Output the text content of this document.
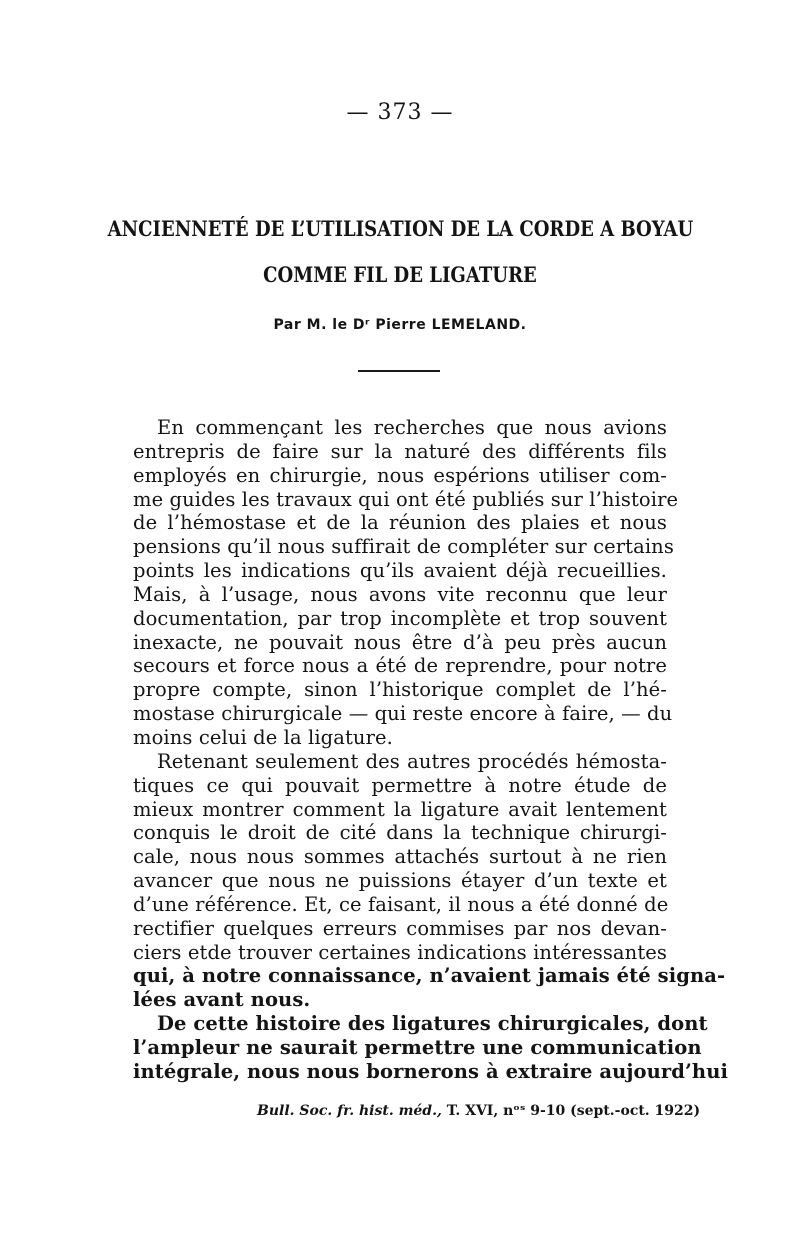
— 373 —
ANCIENNETÉ DE L’UTILISATION DE LA CORDE A BOYAU
COMME FIL DE LIGATURE
Par M. le Dʳ Pierre LEMELAND.
En commençant les recherches que nous avions
entrepris de faire sur la naturé des différents fils
employés en chirurgie, nous espérions utiliser com-
me guides les travaux qui ont été publiés sur l’histoire
de l’hémostase et de la réunion des plaies et nous
pensions qu’il nous suffirait de compléter sur certains
points les indications qu’ils avaient déjà recueillies.
Mais, à l’usage, nous avons vite reconnu que leur
documentation, par trop incomplète et trop souvent
inexacte, ne pouvait nous être d’à peu près aucun
secours et force nous a été de reprendre, pour notre
propre compte, sinon l’historique complet de l’hé-
mostase chirurgicale — qui reste encore à faire, — du
moins celui de la ligature.
Retenant seulement des autres procédés hémosta-
tiques ce qui pouvait permettre à notre étude de
mieux montrer comment la ligature avait lentement
conquis le droit de cité dans la technique chirurgi-
cale, nous nous sommes attachés surtout à ne rien
avancer que nous ne puissions étayer d’un texte et
d’une référence. Et, ce faisant, il nous a été donné de
rectifier quelques erreurs commises par nos devan-
ciers etde trouver certaines indications intéressantes
qui, à notre connaissance, n’avaient jamais été signa-
lées avant nous.
De cette histoire des ligatures chirurgicales, dont
l’ampleur ne saurait permettre une communication
intégrale, nous nous bornerons à extraire aujourd’hui
Bull. Soc. fr. hist. méd., T. XVI, nᵒˢ 9-10 (sept.-oct. 1922)
